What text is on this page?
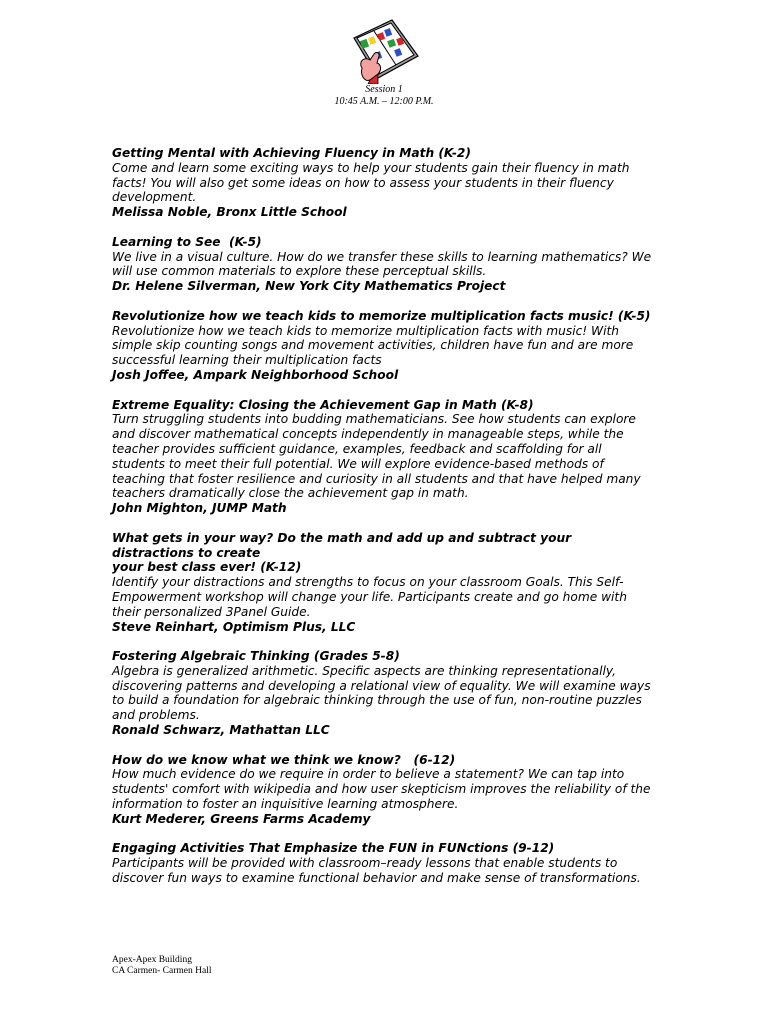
Session 1
10:45 A.M. – 12:00 P.M.
Getting Mental with Achieving Fluency in Math (K-2)
Come and learn some exciting ways to help your students gain their fluency in math facts! You will also get some ideas on how to assess your students in their fluency development.
Melissa Noble, Bronx Little School
Learning to See  (K-5)
We live in a visual culture. How do we transfer these skills to learning mathematics? We will use common materials to explore these perceptual skills.
Dr. Helene Silverman, New York City Mathematics Project
Revolutionize how we teach kids to memorize multiplication facts music! (K-5)
Revolutionize how we teach kids to memorize multiplication facts with music! With simple skip counting songs and movement activities, children have fun and are more successful learning their multiplication facts
Josh Joffee, Ampark Neighborhood School
Extreme Equality: Closing the Achievement Gap in Math (K-8)
Turn struggling students into budding mathematicians. See how students can explore and discover mathematical concepts independently in manageable steps, while the teacher provides sufficient guidance, examples, feedback and scaffolding for all students to meet their full potential. We will explore evidence-based methods of teaching that foster resilience and curiosity in all students and that have helped many teachers dramatically close the achievement gap in math.
John Mighton, JUMP Math
What gets in your way? Do the math and add up and subtract your distractions to create
your best class ever! (K-12)
Identify your distractions and strengths to focus on your classroom Goals. This Self-Empowerment workshop will change your life. Participants create and go home with their personalized 3Panel Guide.
Steve Reinhart, Optimism Plus, LLC
Fostering Algebraic Thinking (Grades 5-8)
Algebra is generalized arithmetic. Specific aspects are thinking representationally, discovering patterns and developing a relational view of equality. We will examine ways to build a foundation for algebraic thinking through the use of fun, non-routine puzzles and problems.
Ronald Schwarz, Mathattan LLC
How do we know what we think we know?   (6-12)
How much evidence do we require in order to believe a statement? We can tap into students' comfort with wikipedia and how user skepticism improves the reliability of the information to foster an inquisitive learning atmosphere.
Kurt Mederer, Greens Farms Academy
Engaging Activities That Emphasize the FUN in FUNctions (9-12)
Participants will be provided with classroom–ready lessons that enable students to discover fun ways to examine functional behavior and make sense of transformations.
Apex-Apex Building
CA Carmen- Carmen Hall
